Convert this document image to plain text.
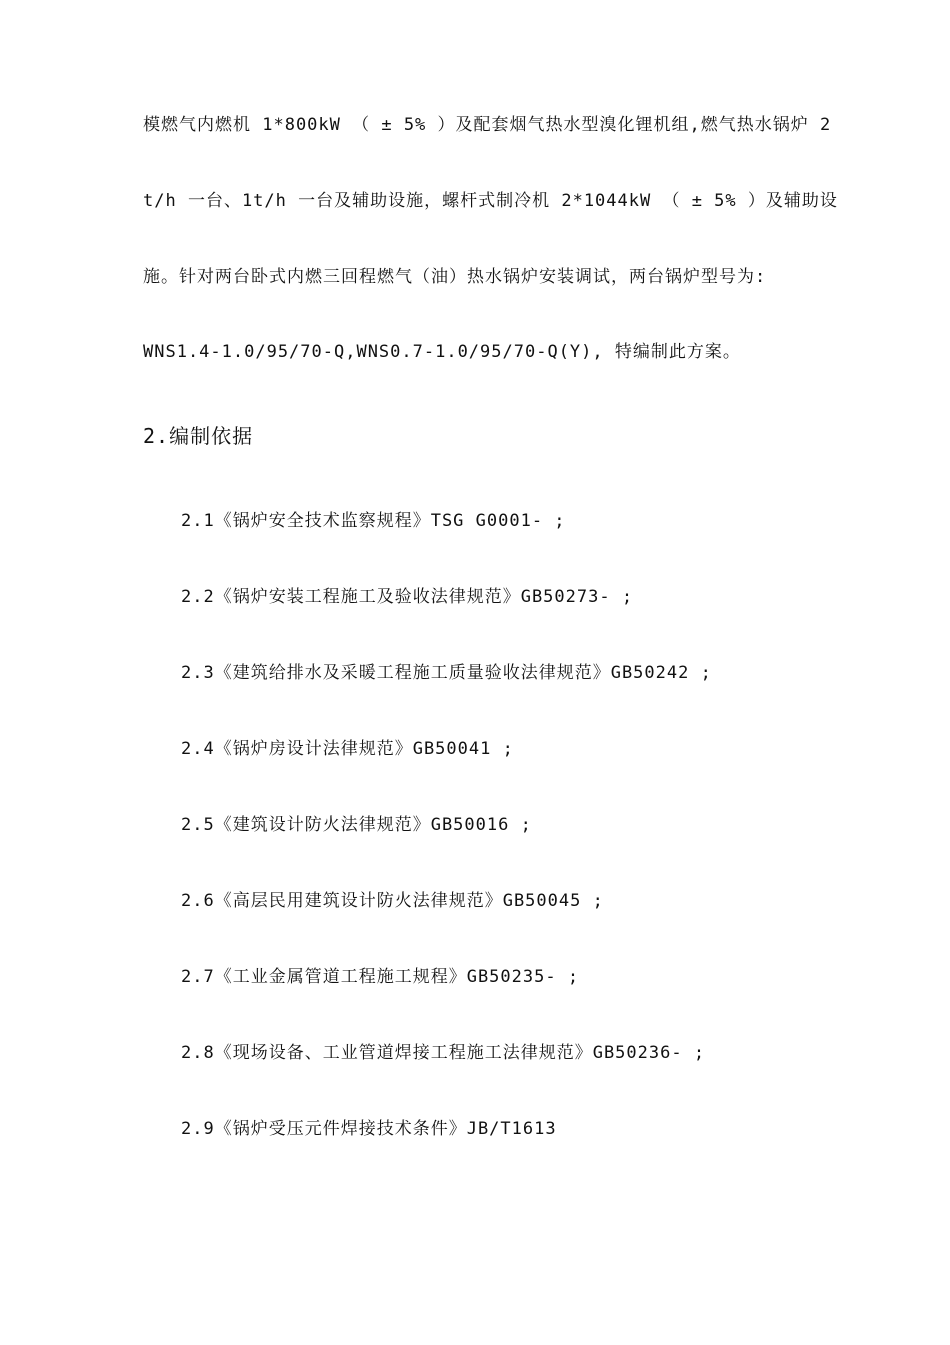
模燃气内燃机 1*800kW （ ± 5% ）及配套烟气热水型溴化锂机组,燃气热水锅炉 2
t/h 一台、1t/h 一台及辅助设施，螺杆式制冷机 2*1044kW （ ± 5% ）及辅助设
施。针对两台卧式内燃三回程燃气（油）热水锅炉安装调试，两台锅炉型号为:
WNS1.4-1.0/95/70-Q,WNS0.7-1.0/95/70-Q(Y), 特编制此方案。
2.编制依据
2.1《锅炉安全技术监察规程》TSG G0001- ;
2.2《锅炉安装工程施工及验收法律规范》GB50273- ;
2.3《建筑给排水及采暖工程施工质量验收法律规范》GB50242 ;
2.4《锅炉房设计法律规范》GB50041 ;
2.5《建筑设计防火法律规范》GB50016 ;
2.6《高层民用建筑设计防火法律规范》GB50045 ;
2.7《工业金属管道工程施工规程》GB50235- ;
2.8《现场设备、工业管道焊接工程施工法律规范》GB50236- ;
2.9《锅炉受压元件焊接技术条件》JB/T1613
